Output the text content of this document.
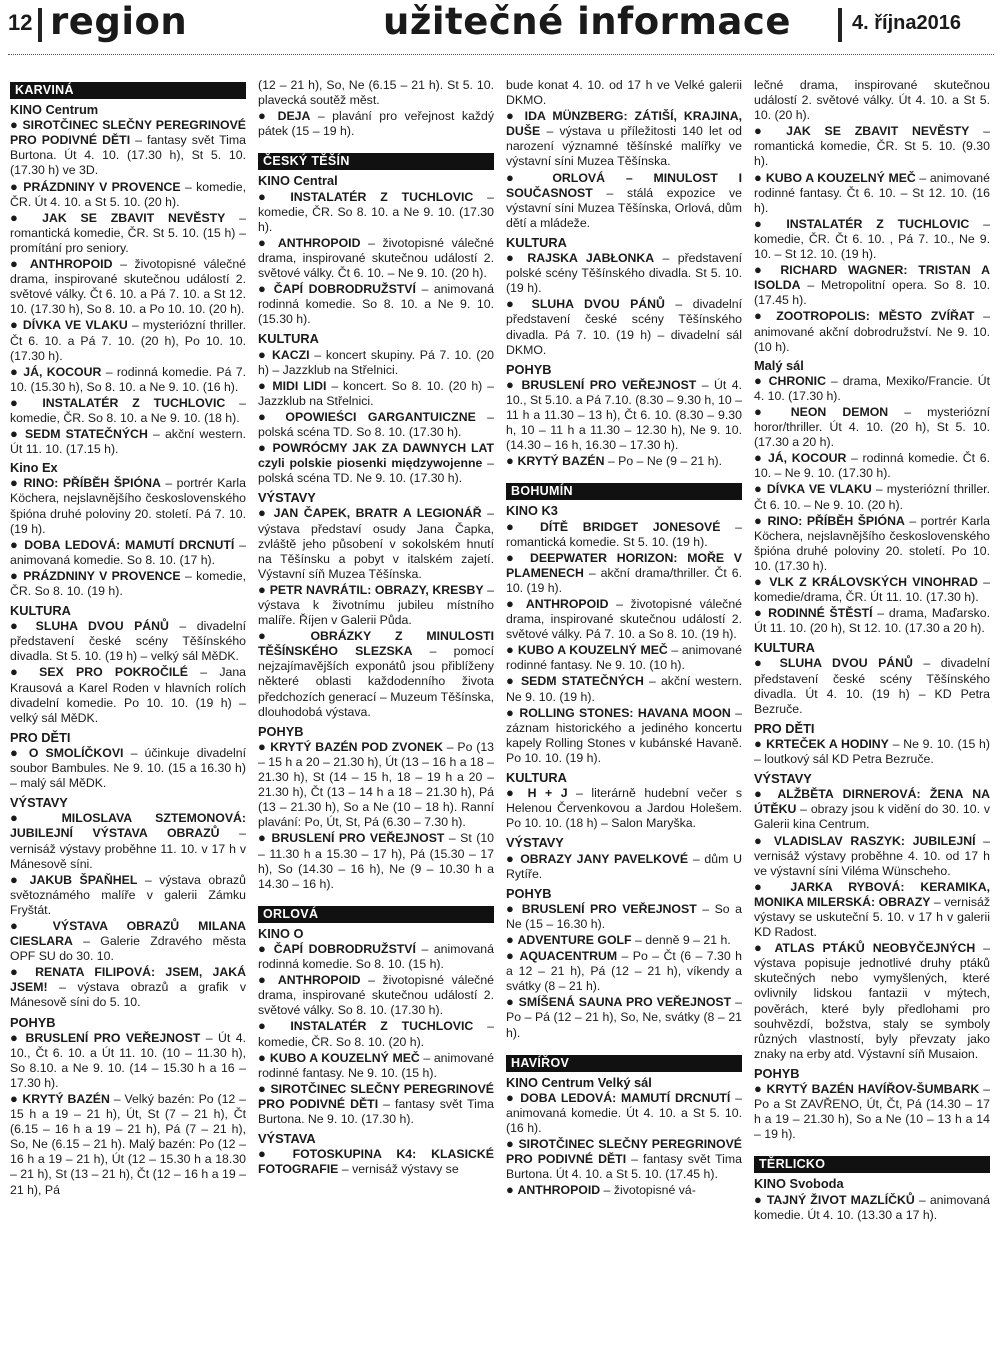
12 region	užitečné informace	4. října2016
KARVINÁ
KINO Centrum

● SIROTČINEC SLEČNY PEREGRINOVÉ PRO PODIVNÉ DĚTI – fantasy svět Tima Burtona. Út 4. 10. (17.30 h), St 5. 10. (17.30 h) ve 3D.

● PRÁZDNINY V PROVENCE – komedie, ČR. Út 4. 10. a St 5. 10. (20 h).

● JAK SE ZBAVIT NEVĚSTY – romantická komedie, ČR. St 5. 10. (15 h) – promítání pro seniory.

● ANTHROPOID – životopisné válečné drama, inspirované skutečnou událostí 2. světové války. Čt 6. 10. a Pá 7. 10. a St 12. 10. (17.30 h), So 8. 10. a Po 10. 10. (20 h).

● DÍVKA VE VLAKU – mysteriózní thriller. Čt 6. 10. a Pá 7. 10. (20 h), Po 10. 10. (17.30 h).

● JÁ, KOCOUR – rodinná komedie. Pá 7. 10. (15.30 h), So 8. 10. a Ne 9. 10. (16 h).

● INSTALATÉR Z TUCHLOVIC – komedie, ČR. So 8. 10. a Ne 9. 10. (18 h).

● SEDM STATEČNÝCH – akční western. Út 11. 10. (17.15 h).

Kino Ex

● RINO: PŘÍBĚH ŠPIÓNA – portrér Karla Köchera, nejslavnějšího československého špióna druhé poloviny 20. století. Pá 7. 10. (19 h).

● DOBA LEDOVÁ: MAMUTÍ DRCNUTÍ – animovaná komedie. So 8. 10. (17 h).

● PRÁZDNINY V PROVENCE – komedie, ČR. So 8. 10. (19 h).

KULTURA

● SLUHA DVOU PÁNŮ – divadelní představení české scény Těšínského divadla. St 5. 10. (19 h) – velký sál MěDK.

● SEX PRO POKROČILÉ – Jana Krausová a Karel Roden v hlavních rolích divadelní komedie. Po 10. 10. (19 h) – velký sál MěDK.

PRO DĚTI

● O SMOLÍČKOVI – účinkuje divadelní soubor Bambules. Ne 9. 10. (15 a 16.30 h) – malý sál MěDK.

VÝSTAVY

● MILOSLAVA SZTEMONOVÁ: JUBILEJNÍ VÝSTAVA OBRAZŮ – vernisáž výstavy proběhne 11. 10. v 17 h v Mánesově síni.

● JAKUB ŠPAŇHEL – výstava obrazů světoznámého malíře v galerii Zámku Fryštát.

● VÝSTAVA OBRAZŮ MILANA CIESLARA – Galerie Zdravého města OPF SU do 30. 10.

● RENATA FILIPOVÁ: JSEM, JAKÁ JSEM! – výstava obrazů a grafik v Mánesově síni do 5. 10.

POHYB

● BRUSLENÍ PRO VEŘEJNOST – Út 4. 10., Čt 6. 10. a Út 11. 10. (10 – 11.30 h), So 8.10. a Ne 9. 10. (14 – 15.30 h a 16 – 17.30 h).

● KRYTÝ BAZÉN – Velký bazén: Po (12 – 15 h a 19 – 21 h), Út, St (7 – 21 h), Čt (6.15 – 16 h a 19 – 21 h), Pá (7 – 21 h), So, Ne (6.15 – 21 h). Malý bazén: Po (12 – 16 h a 19 – 21 h), Út (12 – 15.30 h a 18.30 – 21 h), St (13 – 21 h), Čt (12 – 16 h a 19 – 21 h), Pá

(12 – 21 h), So, Ne (6.15 – 21 h). St 5. 10. plavecká soutěž měst.

● DEJA – plavání pro veřejnost každý pátek (15 – 19 h).

ČESKÝ TĚŠÍN
KINO Central

● INSTALATÉR Z TUCHLOVIC – komedie, ČR. So 8. 10. a Ne 9. 10. (17.30 h).

● ANTHROPOID – životopisné válečné drama, inspirované skutečnou událostí 2. světové války. Čt 6. 10. – Ne 9. 10. (20 h).

● ČAPÍ DOBRODRUŽSTVÍ – animovaná rodinná komedie. So 8. 10. a Ne 9. 10. (15.30 h).

KULTURA

● KACZI – koncert skupiny. Pá 7. 10. (20 h) – Jazzklub na Střelnici.

● MIDI LIDI – koncert. So 8. 10. (20 h) – Jazzklub na Střelnici.

● OPOWIEŚCI GARGANTUICZNE – polská scéna TD. So 8. 10. (17.30 h).

● POWRÓCMY JAK ZA DAWNYCH LAT czyli polskie piosenki międzywojenne – polská scéna TD. Ne 9. 10. (17.30 h).

VÝSTAVY

● JAN ČAPEK, BRATR A LEGIONÁŘ – výstava představí osudy Jana Čapka, zvláště jeho působení v sokolském hnutí na Těšínsku a pobyt v italském zajetí. Výstavní síň Muzea Těšínska.

● PETR NAVRÁTIL: OBRAZY, KRESBY – výstava k životnímu jubileu místního malíře. Říjen v Galerii Půda.

● OBRÁZKY Z MINULOSTI TĚŠÍNSKÉHO SLEZSKA – pomocí nejzajímavějších exponátů jsou přiblíženy některé oblasti každodenního života předchozích generací – Muzeum Těšínska, dlouhodobá výstava.

POHYB

● KRYTÝ BAZÉN POD ZVONEK – Po (13 – 15 h a 20 – 21.30 h), Út (13 – 16 h a 18 – 21.30 h), St (14 – 15 h, 18 – 19 h a 20 – 21.30 h), Čt (13 – 14 h a 18 – 21.30 h), Pá (13 – 21.30 h), So a Ne (10 – 18 h). Ranní plavání: Po, Út, St, Pá (6.30 – 7.30 h).

● BRUSLENÍ PRO VEŘEJNOST – St (10 – 11.30 h a 15.30 – 17 h), Pá (15.30 – 17 h), So (14.30 – 16 h), Ne (9 – 10.30 h a 14.30 – 16 h).

ORLOVÁ
KINO O

● ČAPÍ DOBRODRUŽSTVÍ – animovaná rodinná komedie. So 8. 10. (15 h).

● ANTHROPOID – životopisné válečné drama, inspirované skutečnou událostí 2. světové války. So 8. 10. (17.30 h).

● INSTALATÉR Z TUCHLOVIC – komedie, ČR. So 8. 10. (20 h).

● KUBO A KOUZELNÝ MEČ – animované rodinné fantasy. Ne 9. 10. (15 h).

● SIROTČINEC SLEČNY PEREGRINOVÉ PRO PODIVNÉ DĚTI – fantasy svět Tima Burtona. Ne 9. 10. (17.30 h).

VÝSTAVA

● FOTOSKUPINA K4: KLASICKÉ FOTOGRAFIE – vernisáž výstavy se

bude konat 4. 10. od 17 h ve Velké galerii DKMO.

● IDA MÜNZBERG: ZÁTIŠÍ, KRAJINA, DUŠE – výstava u příležitosti 140 let od narození významné těšínské malířky ve výstavní síni Muzea Těšínska.

● ORLOVÁ – MINULOST I SOUČASNOST – stálá expozice ve výstavní síni Muzea Těšínska, Orlová, dům dětí a mládeže.

KULTURA

● RAJSKA JABŁONKA – představení polské scény Těšínského divadla. St 5. 10. (19 h).

● SLUHA DVOU PÁNŮ – divadelní představení české scény Těšínského divadla. Pá 7. 10. (19 h) – divadelní sál DKMO.

POHYB

● BRUSLENÍ PRO VEŘEJNOST – Út 4. 10., St 5.10. a Pá 7.10. (8.30 – 9.30 h, 10 – 11 h a 11.30 – 13 h), Čt 6. 10. (8.30 – 9.30 h, 10 – 11 h a 11.30 – 12.30 h), Ne 9. 10. (14.30 – 16 h, 16.30 – 17.30 h).

● KRYTÝ BAZÉN – Po – Ne (9 – 21 h).

BOHUMÍN
KINO K3

● DÍTĚ BRIDGET JONESOVÉ – romantická komedie. St 5. 10. (19 h).

● DEEPWATER HORIZON: MOŘE V PLAMENECH – akční drama/thriller. Čt 6. 10. (19 h).

● ANTHROPOID – životopisné válečné drama, inspirované skutečnou událostí 2. světové války. Pá 7. 10. a So 8. 10. (19 h).

● KUBO A KOUZELNÝ MEČ – animované rodinné fantasy. Ne 9. 10. (10 h).

● SEDM STATEČNÝCH – akční western. Ne 9. 10. (19 h).

● ROLLING STONES: HAVANA MOON – záznam historického a jediného koncertu kapely Rolling Stones v kubánské Havaně. Po 10. 10. (19 h).

KULTURA

● H + J – literárně hudební večer s Helenou Červenkovou a Jardou Holešem. Po 10. 10. (18 h) – Salon Maryška.

VÝSTAVY

● OBRAZY JANY PAVELKOVÉ – dům U Rytíře.

POHYB

● BRUSLENÍ PRO VEŘEJNOST – So a Ne (15 – 16.30 h).

● ADVENTURE GOLF – denně 9 – 21 h.

● AQUACENTRUM – Po – Čt (6 – 7.30 h a 12 – 21 h), Pá (12 – 21 h), víkendy a svátky (8 – 21 h).

● SMÍŠENÁ SAUNA PRO VEŘEJNOST – Po – Pá (12 – 21 h), So, Ne, svátky (8 – 21 h).

HAVÍŘOV
KINO Centrum Velký sál

● DOBA LEDOVÁ: MAMUTÍ DRCNUTÍ – animovaná komedie. Út 4. 10. a St 5. 10. (16 h).

● SIROTČINEC SLEČNY PEREGRINOVÉ PRO PODIVNÉ DĚTI – fantasy svět Tima Burtona. Út 4. 10. a St 5. 10. (17.45 h).

● ANTHROPOID – životopisné vá-

lečné drama, inspirované skutečnou událostí 2. světové války. Út 4. 10. a St 5. 10. (20 h).

● JAK SE ZBAVIT NEVĚSTY – romantická komedie, ČR. St 5. 10. (9.30 h).

● KUBO A KOUZELNÝ MEČ – animované rodinné fantasy. Čt 6. 10. – St 12. 10. (16 h).

● INSTALATÉR Z TUCHLOVIC – komedie, ČR. Čt 6. 10. , Pá 7. 10., Ne 9. 10. – St 12. 10. (19 h).

● RICHARD WAGNER: TRISTAN A ISOLDA – Metropolitní opera. So 8. 10. (17.45 h).

● ZOOTROPOLIS: MĚSTO ZVÍŘAT – animované akční dobrodružství. Ne 9. 10. (10 h).

Malý sál

● CHRONIC – drama, Mexiko/Francie. Út 4. 10. (17.30 h).

● NEON DEMON – mysteriózní horor/thriller. Út 4. 10. (20 h), St 5. 10. (17.30 a 20 h).

● JÁ, KOCOUR – rodinná komedie. Čt 6. 10. – Ne 9. 10. (17.30 h).

● DÍVKA VE VLAKU – mysteriózní thriller. Čt 6. 10. – Ne 9. 10. (20 h).

● RINO: PŘÍBĚH ŠPIÓNA – portrér Karla Köchera, nejslavnějšího československého špióna druhé poloviny 20. století. Po 10. 10. (17.30 h).

● VLK Z KRÁLOVSKÝCH VINOHRAD – komedie/drama, ČR. Út 11. 10. (17.30 h).

● RODINNÉ ŠTĚSTÍ – drama, Maďarsko. Út 11. 10. (20 h), St 12. 10. (17.30 a 20 h).

KULTURA

● SLUHA DVOU PÁNŮ – divadelní představení české scény Těšínského divadla. Út 4. 10. (19 h) – KD Petra Bezruče.

PRO DĚTI

● KRTEČEK A HODINY – Ne 9. 10. (15 h) – loutkový sál KD Petra Bezruče.

VÝSTAVY

● ALŽBĚTA DIRNEROVÁ: ŽENA NA ÚTĚKU – obrazy jsou k vidění do 30. 10. v Galerii kina Centrum.

● VLADISLAV RASZYK: JUBILEJNÍ – vernisáž výstavy proběhne 4. 10. od 17 h ve výstavní síni Viléma Wünscheho.

● JARKA RYBOVÁ: KERAMIKA, MONIKA MILERSKÁ: OBRAZY – vernisáž výstavy se uskuteční 5. 10. v 17 h v galerii KD Radost.

● ATLAS PTÁKŮ NEOBYČEJNÝCH – výstava popisuje jednotlivé druhy ptáků skutečných nebo vymyšlených, které ovlivnily lidskou fantazii v mýtech, pověrách, které byly předlohami pro souhvězdí, božstva, staly se symboly různých vlastností, byly převzaty jako znaky na erby atd. Výstavní síň Musaion.

POHYB

● KRYTÝ BAZÉN HAVÍŘOV-ŠUMBARK – Po a St ZAVŘENO, Út, Čt, Pá (14.30 – 17 h a 19 – 21.30 h), So a Ne (10 – 13 h a 14 – 19 h).

TĚRLICKO
KINO Svoboda

● TAJNÝ ŽIVOT MAZLÍČKŮ – animovaná komedie. Út 4. 10. (13.30 a 17 h).
